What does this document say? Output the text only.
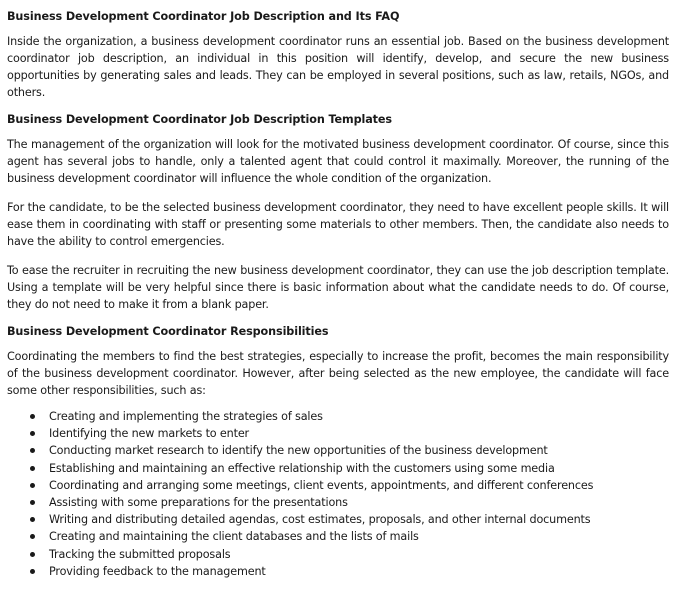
Business Development Coordinator Job Description and Its FAQ

Inside the organization, a business development coordinator runs an essential job. Based on the business development coordinator job description, an individual in this position will identify, develop, and secure the new business opportunities by generating sales and leads. They can be employed in several positions, such as law, retails, NGOs, and others.

Business Development Coordinator Job Description Templates

The management of the organization will look for the motivated business development coordinator. Of course, since this agent has several jobs to handle, only a talented agent that could control it maximally. Moreover, the running of the business development coordinator will influence the whole condition of the organization.

For the candidate, to be the selected business development coordinator, they need to have excellent people skills. It will ease them in coordinating with staff or presenting some materials to other members. Then, the candidate also needs to have the ability to control emergencies.

To ease the recruiter in recruiting the new business development coordinator, they can use the job description template. Using a template will be very helpful since there is basic information about what the candidate needs to do. Of course, they do not need to make it from a blank paper.

Business Development Coordinator Responsibilities

Coordinating the members to find the best strategies, especially to increase the profit, becomes the main responsibility of the business development coordinator. However, after being selected as the new employee, the candidate will face some other responsibilities, such as:

Creating and implementing the strategies of sales
Identifying the new markets to enter
Conducting market research to identify the new opportunities of the business development
Establishing and maintaining an effective relationship with the customers using some media
Coordinating and arranging some meetings, client events, appointments, and different conferences
Assisting with some preparations for the presentations
Writing and distributing detailed agendas, cost estimates, proposals, and other internal documents
Creating and maintaining the client databases and the lists of mails
Tracking the submitted proposals
Providing feedback to the management
